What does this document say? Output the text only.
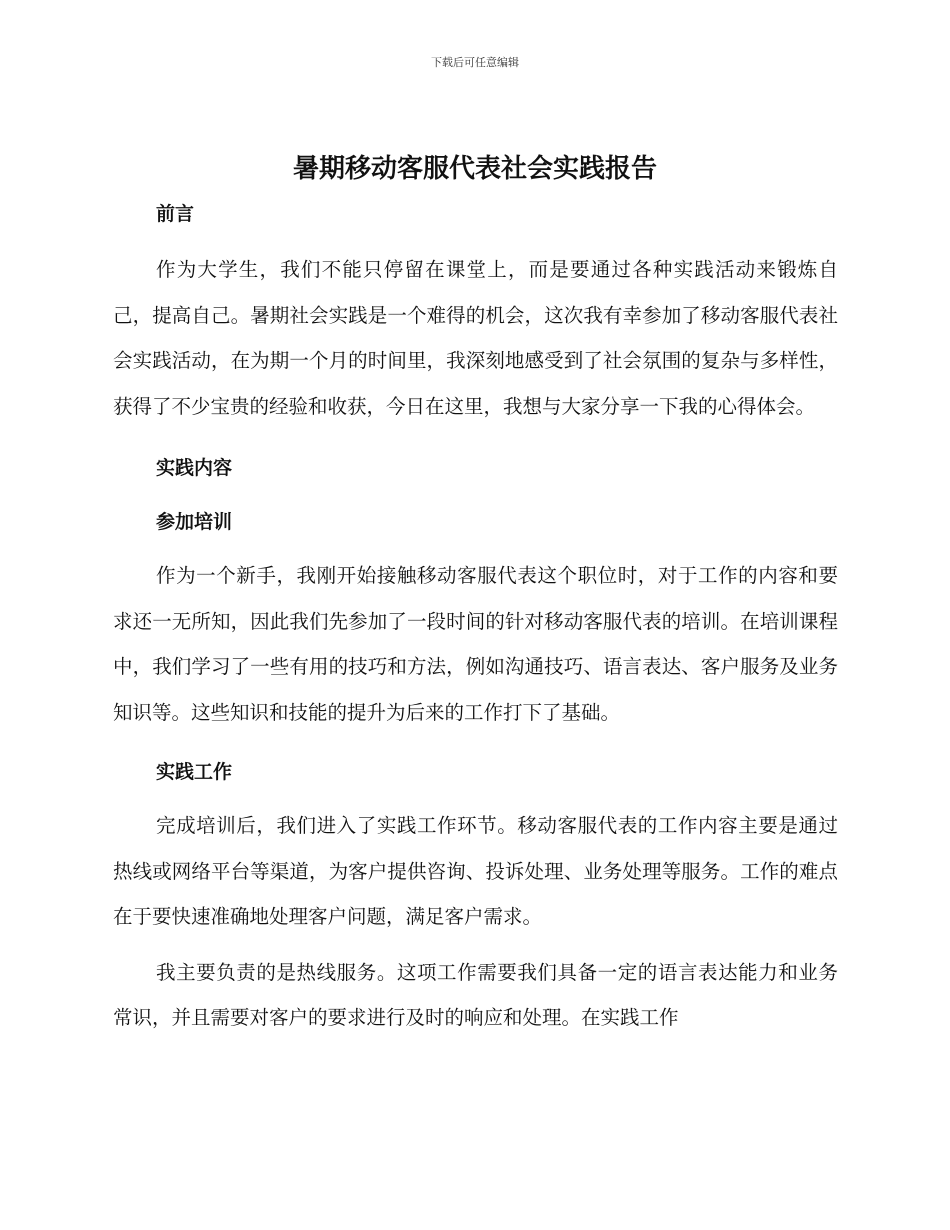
下载后可任意编辑
暑期移动客服代表社会实践报告

前言

作为大学生，我们不能只停留在课堂上，而是要通过各种实践活动来锻炼自己，提高自己。暑期社会实践是一个难得的机会，这次我有幸参加了移动客服代表社会实践活动，在为期一个月的时间里，我深刻地感受到了社会氛围的复杂与多样性，获得了不少宝贵的经验和收获，今日在这里，我想与大家分享一下我的心得体会。

实践内容

参加培训

作为一个新手，我刚开始接触移动客服代表这个职位时，对于工作的内容和要求还一无所知，因此我们先参加了一段时间的针对移动客服代表的培训。在培训课程中，我们学习了一些有用的技巧和方法，例如沟通技巧、语言表达、客户服务及业务知识等。这些知识和技能的提升为后来的工作打下了基础。

实践工作

完成培训后，我们进入了实践工作环节。移动客服代表的工作内容主要是通过热线或网络平台等渠道，为客户提供咨询、投诉处理、业务处理等服务。工作的难点在于要快速准确地处理客户问题，满足客户需求。

我主要负责的是热线服务。这项工作需要我们具备一定的语言表达能力和业务常识，并且需要对客户的要求进行及时的响应和处理。在实践工作
